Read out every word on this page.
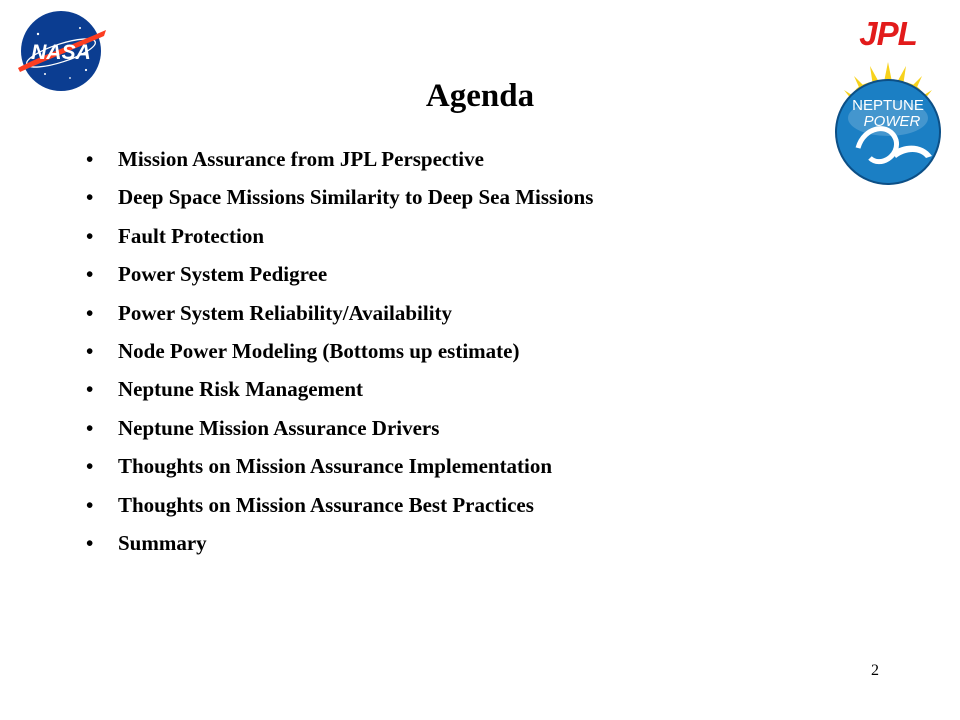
NASA
JPL
NEPTUNE
POWER
Agenda
•	Mission Assurance from JPL Perspective
•	Deep Space Missions Similarity to Deep Sea Missions
•	Fault Protection
•	Power System Pedigree
•	Power System Reliability/Availability
•	Node Power Modeling (Bottoms up estimate)
•	Neptune Risk Management
•	Neptune Mission Assurance Drivers
•	Thoughts on Mission Assurance Implementation
•	Thoughts on Mission Assurance Best Practices
•	Summary
2
